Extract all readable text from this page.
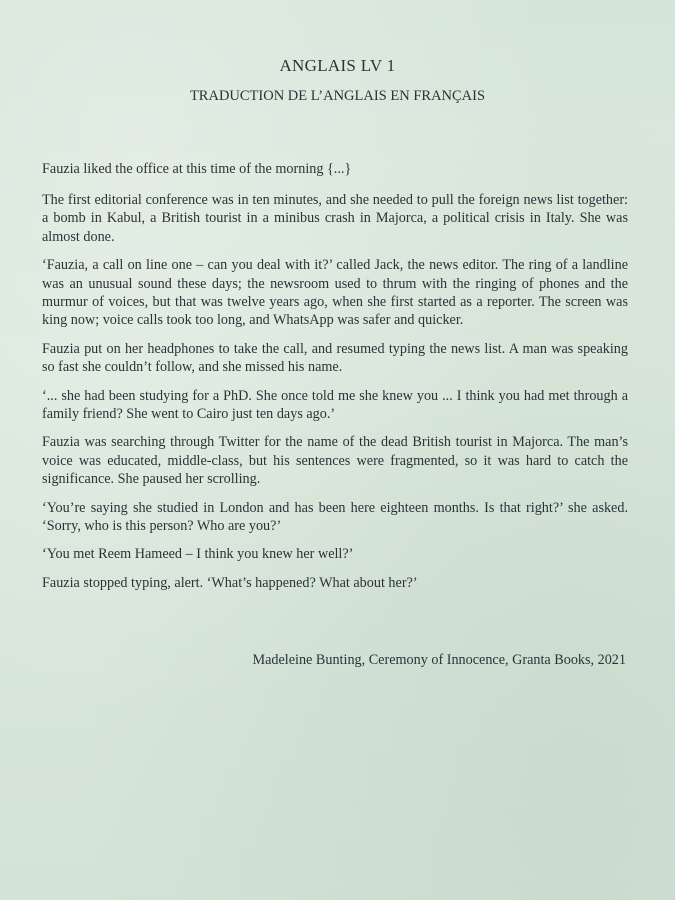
ANGLAIS LV 1
TRADUCTION DE L’ANGLAIS EN FRANÇAIS

Fauzia liked the office at this time of the morning {...}

The first editorial conference was in ten minutes, and she needed to pull the foreign news list together: a bomb in Kabul, a British tourist in a minibus crash in Majorca, a political crisis in Italy. She was almost done.

‘Fauzia, a call on line one – can you deal with it?’ called Jack, the news editor. The ring of a landline was an unusual sound these days; the newsroom used to thrum with the ringing of phones and the murmur of voices, but that was twelve years ago, when she first started as a reporter. The screen was king now; voice calls took too long, and WhatsApp was safer and quicker.

Fauzia put on her headphones to take the call, and resumed typing the news list. A man was speaking so fast she couldn’t follow, and she missed his name.

‘... she had been studying for a PhD. She once told me she knew you ... I think you had met through a family friend? She went to Cairo just ten days ago.’

Fauzia was searching through Twitter for the name of the dead British tourist in Majorca. The man’s voice was educated, middle-class, but his sentences were fragmented, so it was hard to catch the significance. She paused her scrolling.

‘You’re saying she studied in London and has been here eighteen months. Is that right?’ she asked. ‘Sorry, who is this person? Who are you?’

‘You met Reem Hameed – I think you knew her well?’

Fauzia stopped typing, alert. ‘What’s happened? What about her?’

Madeleine Bunting, Ceremony of Innocence, Granta Books, 2021
